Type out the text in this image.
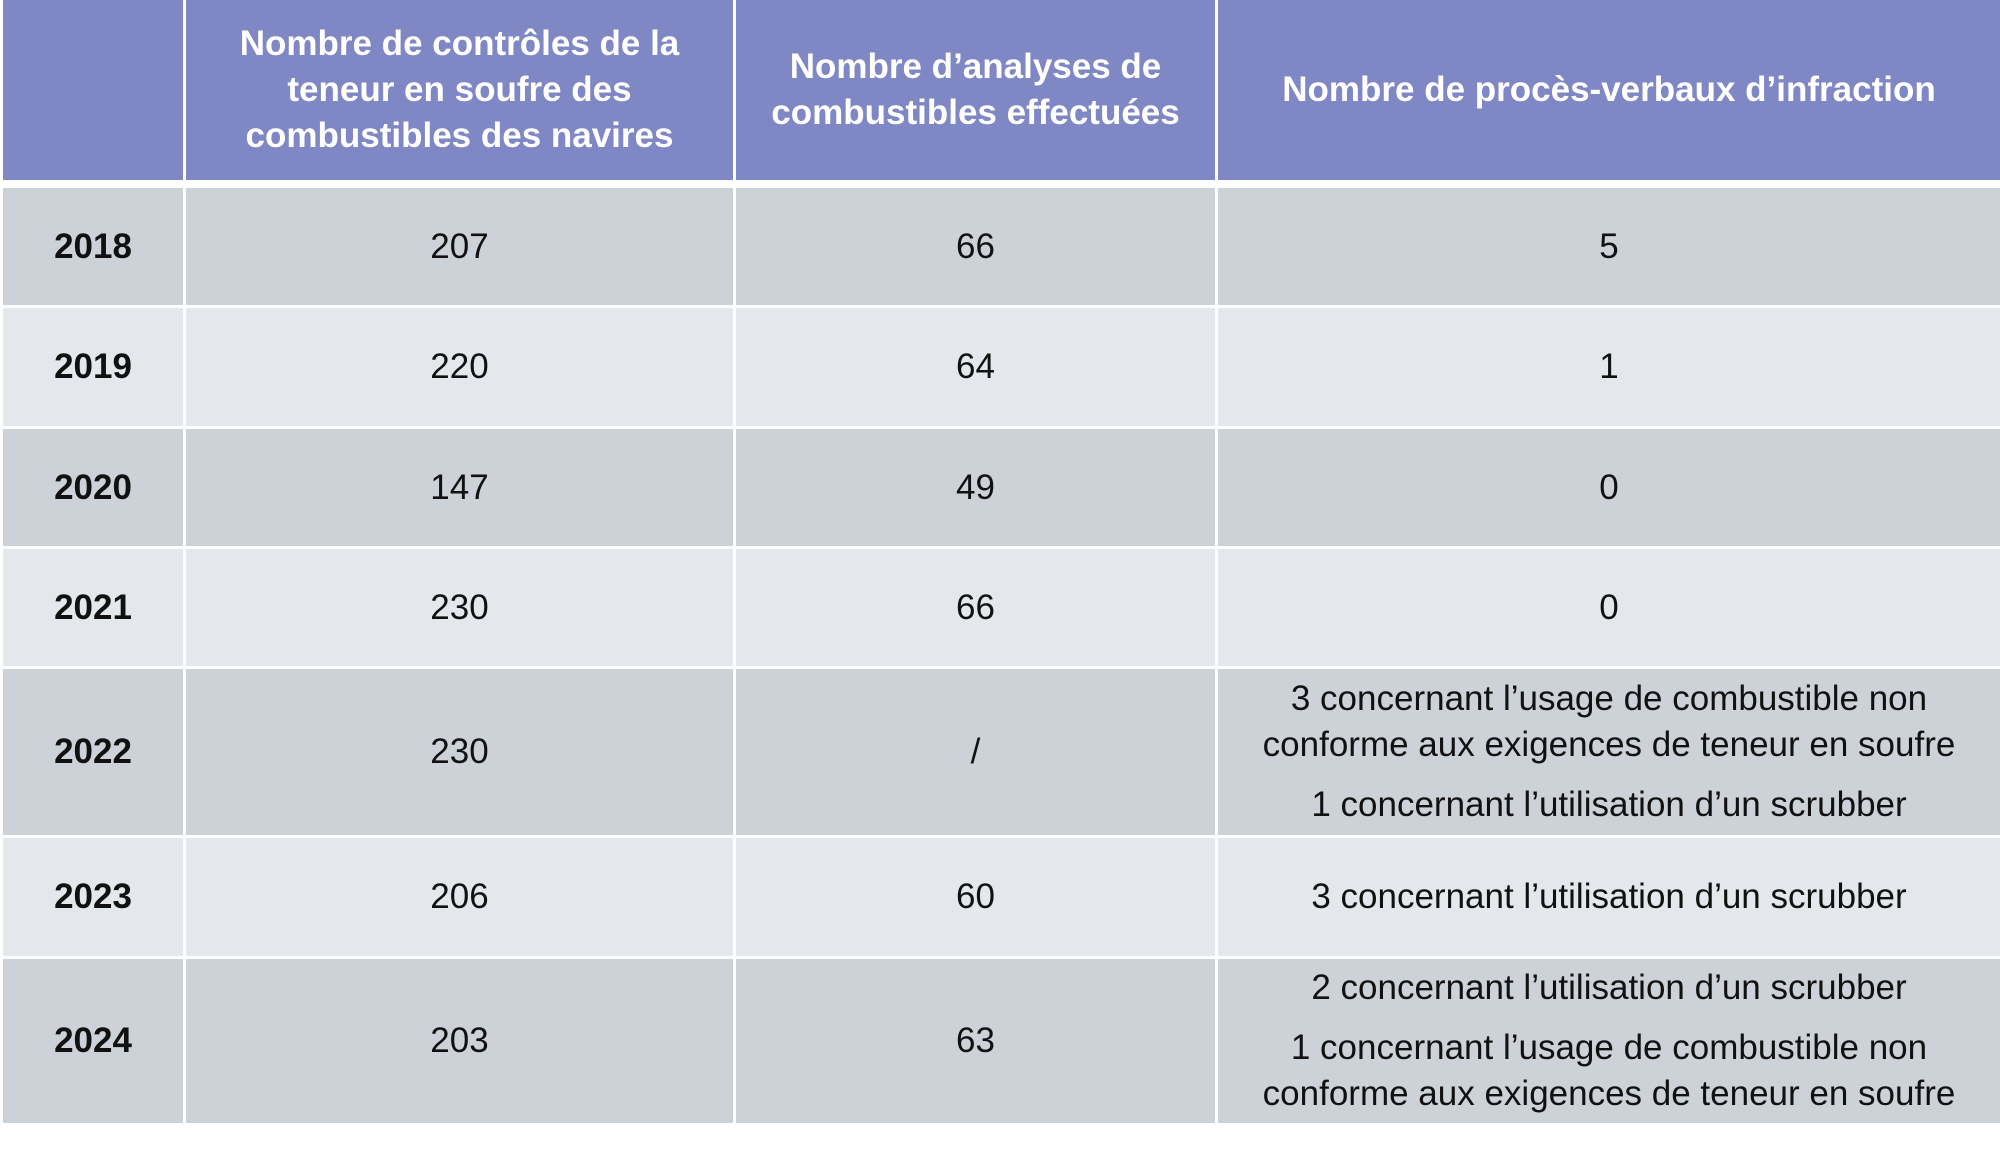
	Nombre de contrôles de la teneur en soufre des combustibles des navires	Nombre d’analyses de combustibles effectuées	Nombre de procès-verbaux d’infraction

2018	207	66	5

2019	220	64	1

2020	147	49	0

2021	230	66	0

2022	230	/	3 concernant l’usage de combustible non conforme aux exigences de teneur en soufre
1 concernant l’utilisation d’un scrubber

2023	206	60	3 concernant l’utilisation d’un scrubber

2024	203	63	2 concernant l’utilisation d’un scrubber
1 concernant l’usage de combustible non conforme aux exigences de teneur en soufre
